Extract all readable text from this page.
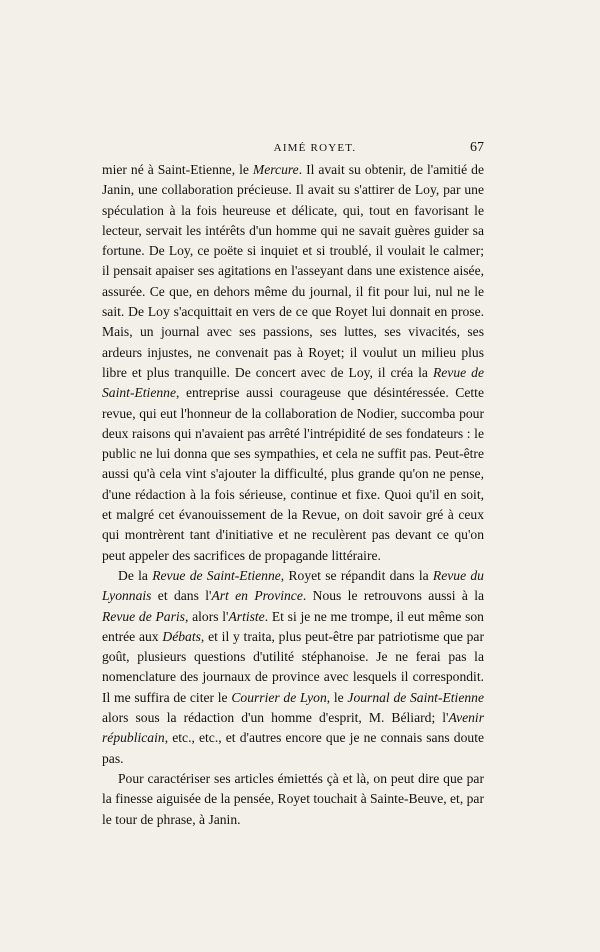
AIMÉ ROYET.	67

mier né à Saint-Etienne, le Mercure. Il avait su obtenir, de l'amitié de Janin, une collaboration précieuse. Il avait su s'attirer de Loy, par une spéculation à la fois heureuse et délicate, qui, tout en favorisant le lecteur, servait les intérêts d'un homme qui ne savait guères guider sa fortune. De Loy, ce poëte si inquiet et si troublé, il voulait le calmer; il pensait apaiser ses agitations en l'asseyant dans une existence aisée, assurée. Ce que, en dehors même du journal, il fit pour lui, nul ne le sait. De Loy s'acquittait en vers de ce que Royet lui donnait en prose. Mais, un journal avec ses passions, ses luttes, ses vivacités, ses ardeurs injustes, ne convenait pas à Royet; il voulut un milieu plus libre et plus tranquille. De concert avec de Loy, il créa la Revue de Saint-Etienne, entreprise aussi courageuse que désintéressée. Cette revue, qui eut l'honneur de la collaboration de Nodier, succomba pour deux raisons qui n'avaient pas arrêté l'intrépidité de ses fondateurs : le public ne lui donna que ses sympathies, et cela ne suffit pas. Peut-être aussi qu'à cela vint s'ajouter la difficulté, plus grande qu'on ne pense, d'une rédaction à la fois sérieuse, continue et fixe. Quoi qu'il en soit, et malgré cet évanouissement de la Revue, on doit savoir gré à ceux qui montrèrent tant d'initiative et ne reculèrent pas devant ce qu'on peut appeler des sacrifices de propagande littéraire.

De la Revue de Saint-Etienne, Royet se répandit dans la Revue du Lyonnais et dans l'Art en Province. Nous le retrouvons aussi à la Revue de Paris, alors l'Artiste. Et si je ne me trompe, il eut même son entrée aux Débats, et il y traita, plus peut-être par patriotisme que par goût, plusieurs questions d'utilité stéphanoise. Je ne ferai pas la nomenclature des journaux de province avec lesquels il correspondit. Il me suffira de citer le Courrier de Lyon, le Journal de Saint-Etienne alors sous la rédaction d'un homme d'esprit, M. Béliard; l'Avenir républicain, etc., etc., et d'autres encore que je ne connais sans doute pas.

Pour caractériser ses articles émiettés çà et là, on peut dire que par la finesse aiguisée de la pensée, Royet touchait à Sainte-Beuve, et, par le tour de phrase, à Janin.
